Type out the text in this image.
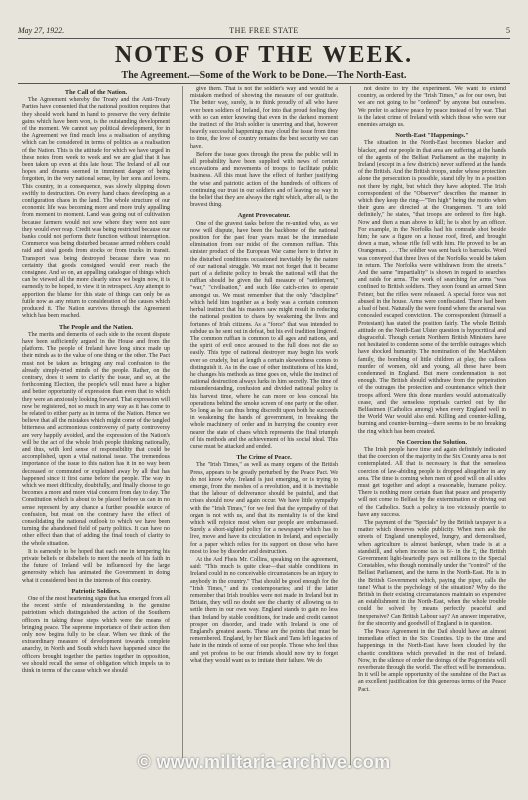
May 27, 1922.	THE FREE STATE	5
NOTES OF THE WEEK.
The Agreement.—Some of the Work to be Done.—The North-East.
The Call of the Nation.

The Agreement whereby the Treaty and the Anti-Treaty Parties have consented that the national position requires that they should work hand in hand to preserve the very definite gains which have been won, is the outstanding development of the moment. We cannot say political development, for in the Agreement we find much less a realisation of anything which can be considered in terms of politics as a realisation of the Nation. This is the attitude for which we have urged in these notes from week to week and we are glad that it has been taken up even at this late hour. The Ireland of all our hopes and dreams seemed in imminent danger of being forgotten, in the very national sense, by her sons and lovers. This country, in a consequence, was slowly slipping down swiftly to destruction. On every hand chaos developing as a configuration chaos in the land. The whole structure of our economic life was becoming more and more truly appalling from moment to moment. Land was going out of cultivation because farmers would not sow where they were not sure they would ever reap. Credit was being restricted because our banks could not perform their function without interruption. Commerce was being disturbed because armed robbers could raid and steal goods from stocks or from trucks in transit. Transport was being destroyed because there was no certainty that goods consigned would ever reach the consignee. And so on, an appalling catalogue of things which can be viewed all the more clearly since we begin now, it is earnestly to be hoped, to view it in retrospect. Any attempt to apportion the blame for this state of things can only be as futile now as any return to consideration of the causes which produced it. The Nation survives through the Agreement which has been reached.

The People and the Nation.

The merits and demerits of each side to the recent dispute have been sufficiently argued in the House and from the platform. The people of Ireland have long since made up their minds as to the value of one thing or the other. The Pact must not be taken as bringing any real confusion to the already simply-tried minds of the people. Rather, on the contrary, does it seem to clarify the issue, and so, at the forthcoming Election, the people's will must have a higher and better opportunity of expression than even that to which they were an anxiously looking forward. That expression will now be registered, not so much in any way as it has come to be related to either party as in terms of the Nation. Hence we believe that all the mistakes which might come of the tangled bitterness and acrimonious controversy of party controversy are very happily avoided, and the expression of the Nation's will be the act of the whole Irish people thinking nationally, and thus, with lord sense of responsibility that could be accomplished, upon a vital national issue. The tremendous importance of the issue to this nation has it in no way been decreased or commuted or explained away by all that has happened since it first came before the people. The way in which we meet difficulty, doubtfully, and finally choose to go becomes a more and more vital concern from day to day. The Constitution which is about to be placed before us can in no sense represent by any chance a further possible source of confusion, but must on the contrary have the effect of consolidating the national outlook to which we have been turning the abandoned field of party politics. It can have no other effect than that of adding the final touch of clarity to the whole situation.

It is earnestly to be hoped that each one in tempering his private beliefs or disbeliefs to meet the needs of his faith in the future of Ireland will be influenced by the large generosity which has animated the Government in doing what it considered best in the interests of this country.

Patriotic Soldiers.

One of the most heartening signs that has emerged from all the recent strife of misunderstanding is the genuine patriotism which distinguished the action of the Southern officers in taking those steps which were the means of bringing peace. The supreme importance of their action then only now begins fully to be clear. When we think of the extraordinary measure of development towards complete anarchy, in North and South which have happened since the officers brought together the parties together in opposition, we should recall the sense of obligation which impels us to think in terms of the cause which we should

give them. That is not the soldier's way and would be a mistaken method of showing the measure of our gratitude. The better way, surely, is to think proudly of all who have ever been soldiers of Ireland, for into that proud feeling they with so can enter knowing that even in the darkest moment the instinct of the Irish soldier is unerring and that, however heavily successful happenings may cloud the issue from time to time, the love of country remains the best security we can have.

Before the issue goes through the press the public will in all probability have been supplied with news of certain excavations and movements of troops to facilitate public business. All this must have the effect of further justifying the wise and patriotic action of the hundreds of officers of continuing our trust in our soldiers and of leaving no way in the belief that they are always the right which, after all, is the bravest thing.

Agent Provocateur.

One of the gravest tasks before the re-united who, as we now will dispute, have been the backbone of the national position for the past four years must be the immediate elimination from our midst of the common ruffian. This sinister product of the European War came here to thrive in the disturbed conditions occasioned inevitably by the nature of our national struggle. We must not forget that it became part of a definite policy to break the national will that the ruffian should be given the full measure of "settlement," "war," "civilisation," and such like catch-cries to operate amongst us. We must remember that the only "discipline" which held him together as a body was a certain common herbal instinct that his masters saw might result in reducing the national position to chaos by weakening the lives and fortunes of Irish citizens. As a "force" that was intended to subdue us he sent out in defeat, but his evil tradition lingered. The common ruffian is common to all ages and nations, and the spirit of evil once aroused to the full does not die so easily. This type of national destroyer may begin his work ever so crudely, but at length a certain skewedness comes to distinguish it. As in the case of other institutions of his kind, he changes his methods as time goes on, while the instinct of national destruction always lurks in him secretly. The time of misunderstanding, confusion and divided national policy is his harvest time, where he can more or less conceal his operations behind the smoke screen of one party or the other. So long as he can thus bring discredit upon both he succeeds in weakening the hands of government, in breaking the whole machinery of order and in hurrying the country ever nearer the state of chaos which represents the final triumph of his methods and the achievement of his social ideal. This curse must be attacked and ended.

The Crime of Peace.

The "Irish Times," as well as many organs of the British Press, appears to be greatly perturbed by the Peace Pact. We do not know why. Ireland is just emerging, or is trying to emerge, from the meshes of a revolution, and it is inevitable that the labour of deliverance should be painful, and that crises should now and again occur. We have little sympathy with the "Irish Times," for we feel that the sympathy of that organ is not with us, and that its mentality is of the kind which will rejoice most when our people are embarrassed. Surely a short-sighted policy for a newspaper which has to live, move and have its circulation in Ireland, and especially for a paper which relies for its support on those who have most to lose by disorder and destruction.

At the Ard Fheis Mr. Collins, speaking on the agreement, said: "This much is quite clear—that stable conditions in Ireland could in no conceivable circumstances be an injury to anybody in the country." That should be good enough for the "Irish Times," and its contemporaries; and if the latter remember that Irish troubles were not made in Ireland but in Britain, they will no doubt see the charity of allowing us to settle them in our own way. England stands to gain no less than Ireland by stable conditions, for trade and credit cannot prosper on disorder, and trade with Ireland is one of England's greatest assets. These are the points that must be remembered. England, by her Black and Tans left legacies of hate in the minds of some of our people. Those who feel thus and yet profess to be our friends should now try to forget what they would want us to imitate their failure. We do

not desire to try the experiment. We want to extend country, as ordered by the "Irish Times," as for our own, but we are not going to be "ordered" by anyone but ourselves. We prefer to achieve peace by peace instead of by war. That is the latest crime of Ireland with which those who were our enemies arraign us.

North-East "Happenings."

The situation in the North-East becomes blacker and blacker, and our people in that area are suffering at the hands of the agents of the Belfast Parliament as the majority in Ireland (except in a few districts) never suffered at the hands of the British. And the British troops, under whose protection alone the persecution is possible, stand idly by in a position not there by right, but which they have adopted. The Irish correspondent of the "Observer" describes the manner in which they keep the ring—"Ten high" being the motto when their guns are directed at the Orangemen. "I am told definitely," he states, "that troops are ordered to fire high. Now and then a man above to kill; he is shot by an officer. For example, in the Norfolks had his comrade shot beside him; he saw a figure on a house roof, fired, and brought down a man, whose rifle fell with him. He proved to be an Orangeman. . . . The soldier was sent back to barracks. Word was conveyed that three lives of the Norfolks would be taken in return. The Norfolks were withdrawn from the streets." And the same "impartiality" is shown in regard to searches and raids for arms. The work of searching for arms "was confined to British soldiers. They soon found an armed Sinn Feiner, but the rifles were released. A special force was not abused in the house. Arms were confiscated. There had been a bad of hest. Naturally the were found where the arsenal was concealed escaped conviction. The correspondent (himself a Protestant) has stated the position fairly. The whole British attitude on the North-East Ulster question is hypocritical and disgraceful. Though certain Northern British Ministers have not hesitated to condemn some of the terrible outrages which have shocked humanity. The nomination of the MacMahon family, the bombing of little children at play, the callous murder of women, old and young, all these have been condemned in England. But mere condemnation is not enough. The British should withdraw from the perpetration of the outrages the protection and countenance which their troops afford. Were this done murders would automatically cease, and the senseless reprisals carried out by the Belfastmen (Catholics among) when every England well in the World War would also end. Killing and counter-killing, burning and counter-burning—there seems to be no breaking the ring which has been created.

No Coercion the Solution.

The Irish people have time and again definitely indicated that the coercion of the majority in the Six County area is not contemplated. All that is necessary is that the senseless coercion of law-abiding people is dropped altogether in any area. The time is coming when men of good will on all sides must get together and adopt a reasonable, humane policy. There is nothing more certain than that peace and prosperity will not come to Belfast by the extermination or driving out of the Catholics. Such a policy is too viciously puerile to have any success.

The payment of the "Specials" by the British taxpayer is a matter which deserves wide publicity. When men ask the streets of England unemployed, hungry, and demoralised, when agriculture is almost bankrupt, when trade is at a standstill, and when income tax is 6/- in the £, the British Government light-heartedly pays out millions to the Special Constables, who though nominally under the "control" of the Belfast Parliament, and the turns in the North-East. He is in the British Government which, paying the piper, calls the tune! What is the psychology of the situation? Why do the British in their existing circumstances maintain so expensive an establishment in the North-East, when the whole trouble could be solved by means perfectly peaceful and inexpensive? Can British Labour say? An answer imperative, for the sincerity and goodwill of England is in question.

The Peace Agreement in the Dail should have an almost immediate effect in the Six Counties. Up to the time and happenings in the North-East have been clouded by the chaotic conditions which prevailed in the rest of Ireland. Now, in the silence of order the doings of the Pogromists will reverberate through the world. The effect will be tremendous. In it will be ample opportunity of the sunshine of the Pact as an excellent justification for this generous terms of the Peace Pact.

© www.militaria-archive.com
